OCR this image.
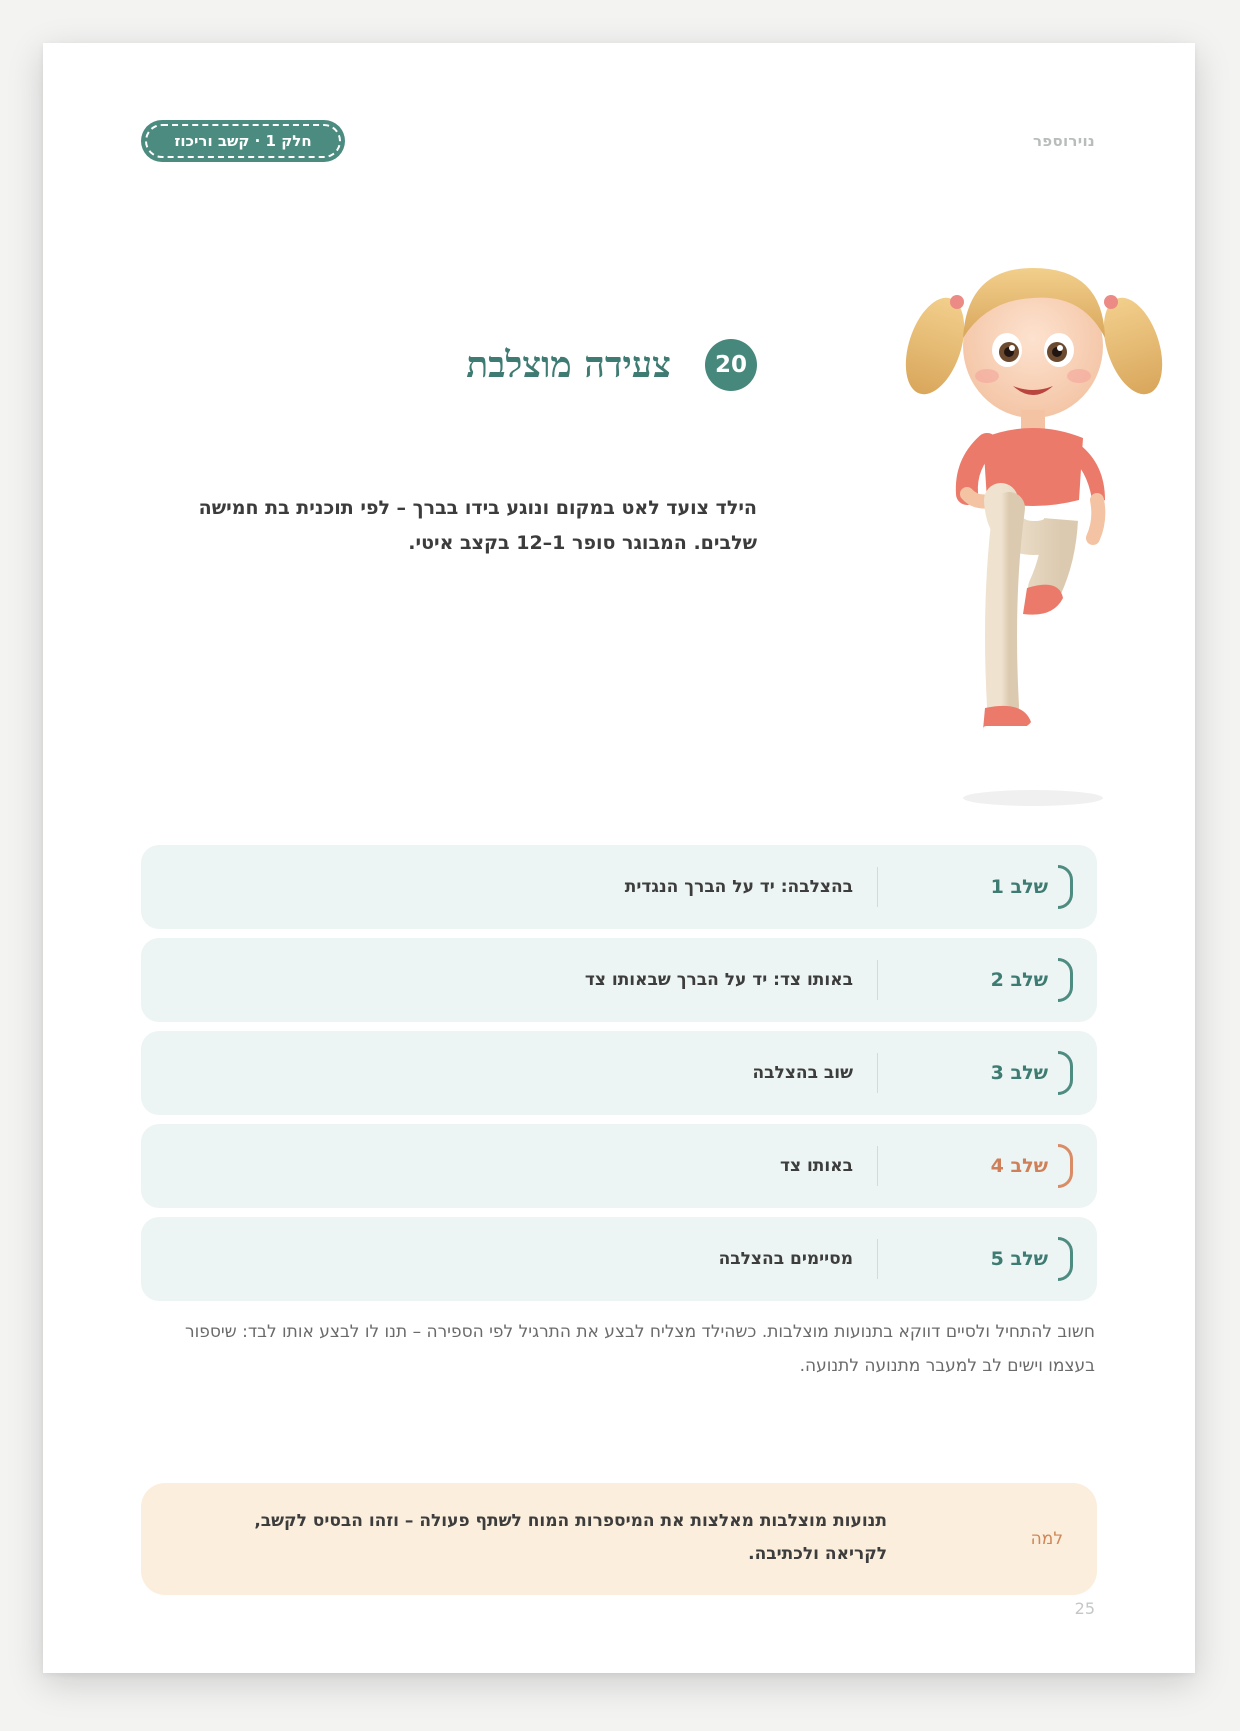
נוירוספר
חלק 1 · קשב וריכוז
20
צעידה מוצלבת
הילד צועד לאט במקום ונוגע בידו בברך – לפי תוכנית בת חמישה שלבים. המבוגר סופר 1–12 בקצב איטי.
שלב 1
בהצלבה: יד על הברך הנגדית
שלב 2
באותו צד: יד על הברך שבאותו צד
שלב 3
שוב בהצלבה
שלב 4
באותו צד
שלב 5
מסיימים בהצלבה
חשוב להתחיל ולסיים דווקא בתנועות מוצלבות. כשהילד מצליח לבצע את התרגיל לפי הספירה – תנו לו לבצע אותו לבד: שיספור בעצמו וישים לב למעבר מתנועה לתנועה.
למה
תנועות מוצלבות מאלצות את המיספרות המוח לשתף פעולה – וזהו הבסיס לקשב, לקריאה ולכתיבה.
25
